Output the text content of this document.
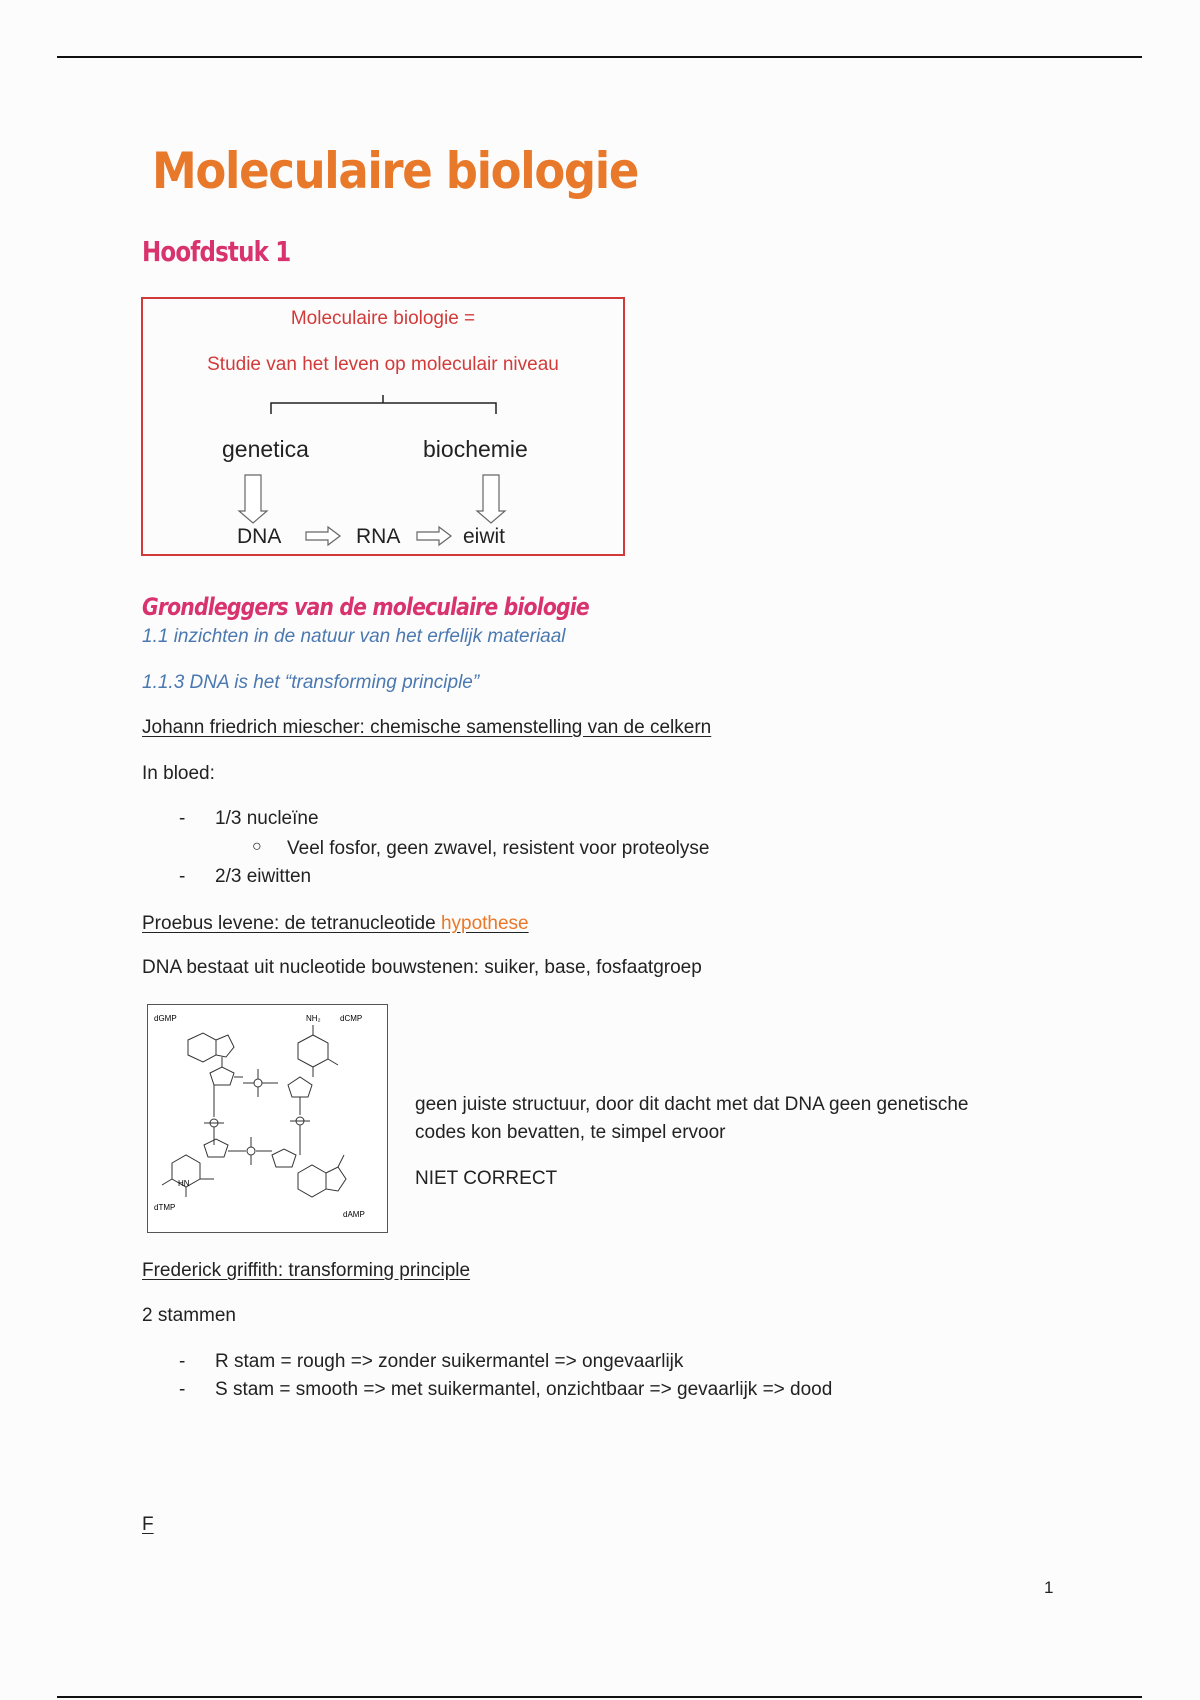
Moleculaire biologie
Hoofdstuk 1
Moleculaire biologie =
Studie van het leven op moleculair niveau
genetica	biochemie
DNA	RNA	eiwit
Grondleggers van de moleculaire biologie
1.1 inzichten in de natuur van het erfelijk materiaal
1.1.3 DNA is het “transforming principle”
Johann friedrich miescher: chemische samenstelling van de celkern
In bloed:
- 1/3 nucleïne
○ Veel fosfor, geen zwavel, resistent voor proteolyse
- 2/3 eiwitten
Proebus levene: de tetranucleotide hypothese
DNA bestaat uit nucleotide bouwstenen: suiker, base, fosfaatgroep
dGMP	dCMP
NH₂
dTMP
dAMP
HN
geen juiste structuur, door dit dacht met dat DNA geen genetische
codes kon bevatten, te simpel ervoor
NIET CORRECT
Frederick griffith: transforming principle
2 stammen
- R stam = rough => zonder suikermantel => ongevaarlijk
- S stam = smooth => met suikermantel, onzichtbaar => gevaarlijk => dood
F
1
